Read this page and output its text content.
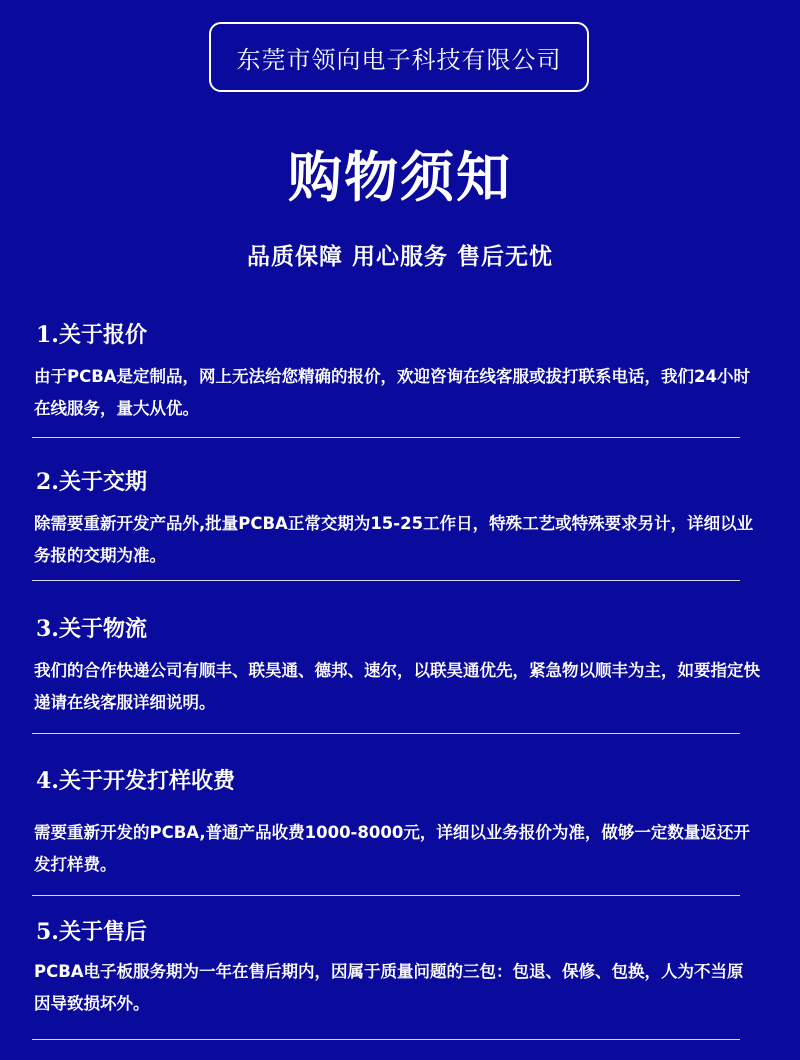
东莞市领向电子科技有限公司
购物须知
品质保障 用心服务 售后无忧
1.关于报价

由于PCBA是定制品，网上无法给您精确的报价，欢迎咨询在线客服或拔打联系电话，我们24小时在线服务，量大从优。

2.关于交期

除需要重新开发产品外,批量PCBA正常交期为15-25工作日，特殊工艺或特殊要求另计，详细以业务报的交期为准。

3.关于物流

我们的合作快递公司有顺丰、联昊通、德邦、速尔，以联昊通优先，紧急物以顺丰为主，如要指定快递请在线客服详细说明。

4.关于开发打样收费

需要重新开发的PCBA,普通产品收费1000-8000元，详细以业务报价为准，做够一定数量返还开发打样费。

5.关于售后

PCBA电子板服务期为一年在售后期内，因属于质量问题的三包：包退、保修、包换，人为不当原因导致损坏外。
